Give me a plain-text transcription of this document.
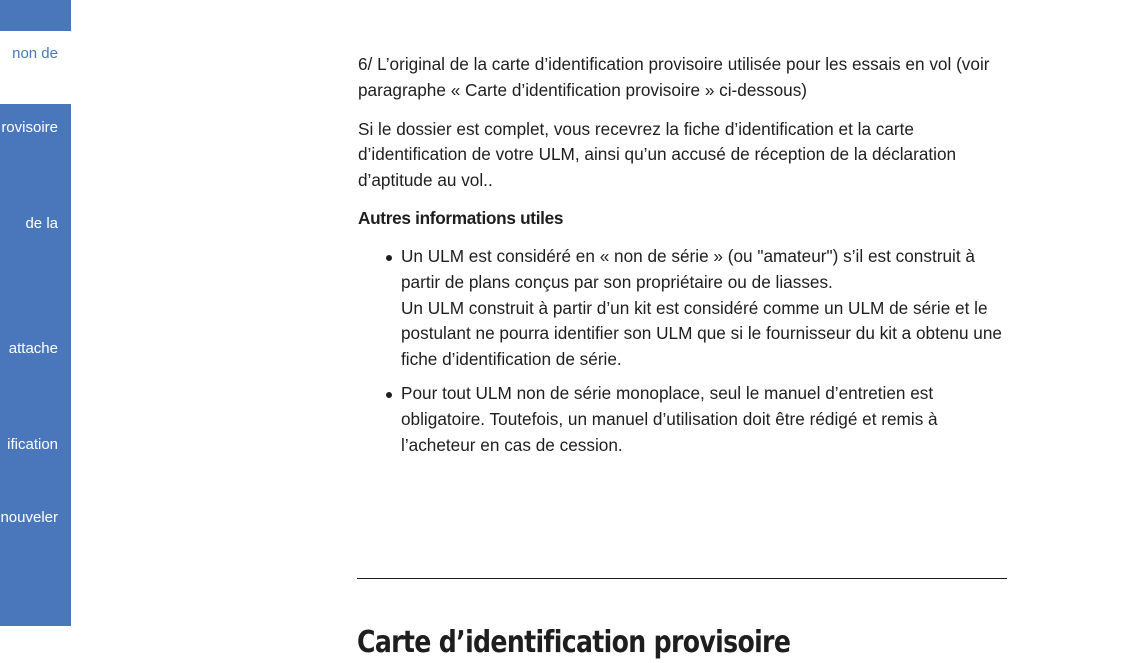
non de
rovisoire
de la
attache
ification
nouveler

6/ L’original de la carte d’identification provisoire utilisée pour les essais en vol (voir paragraphe « Carte d’identification provisoire » ci-dessous)

Si le dossier est complet, vous recevrez la fiche d’identification et la carte d’identification de votre ULM, ainsi qu’un accusé de réception de la déclaration d’aptitude au vol..

Autres informations utiles
Un ULM est considéré en « non de série » (ou "amateur") s’il est construit à partir de plans conçus par son propriétaire ou de liasses.
Un ULM construit à partir d’un kit est considéré comme un ULM de série et le postulant ne pourra identifier son ULM que si le fournisseur du kit a obtenu une fiche d’identification de série.
Pour tout ULM non de série monoplace, seul le manuel d’entretien est obligatoire. Toutefois, un manuel d’utilisation doit être rédigé et remis à l’acheteur en cas de cession.
Carte d’identification provisoire
